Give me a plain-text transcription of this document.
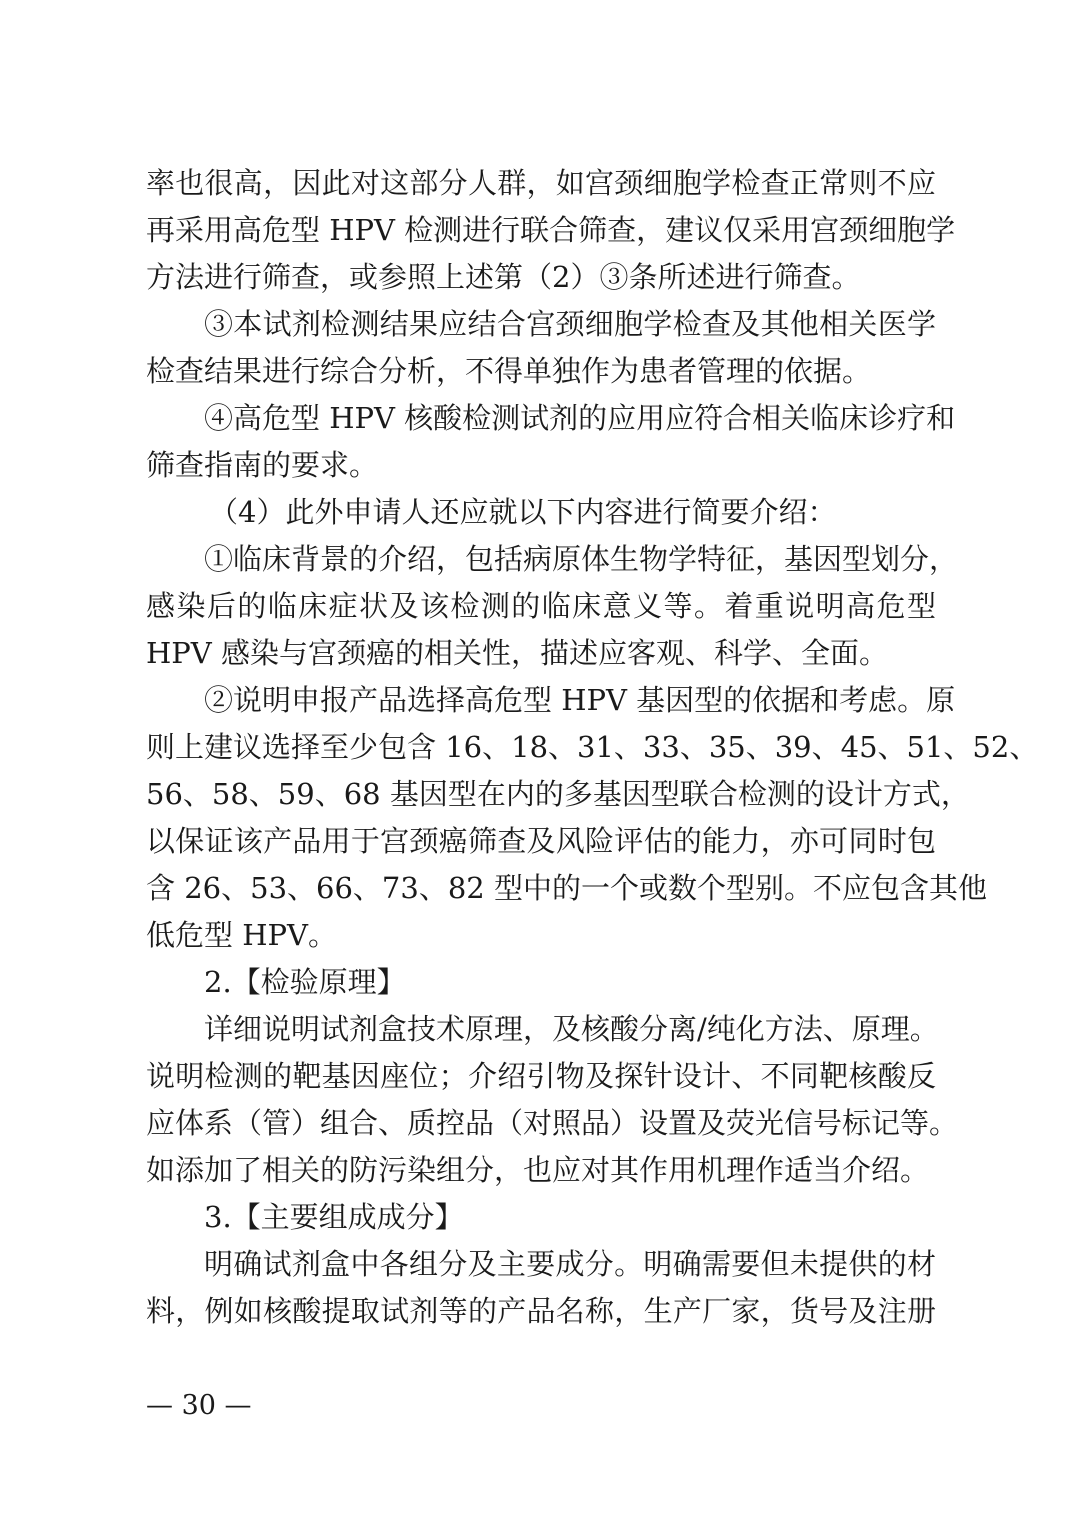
率也很高，因此对这部分人群，如宫颈细胞学检查正常则不应
再采用高危型 HPV 检测进行联合筛查，建议仅采用宫颈细胞学
方法进行筛查，或参照上述第（2）③条所述进行筛查。
③本试剂检测结果应结合宫颈细胞学检查及其他相关医学
检查结果进行综合分析，不得单独作为患者管理的依据。
④高危型 HPV 核酸检测试剂的应用应符合相关临床诊疗和
筛查指南的要求。
（4）此外申请人还应就以下内容进行简要介绍：
①临床背景的介绍，包括病原体生物学特征，基因型划分，
感染后的临床症状及该检测的临床意义等。着重说明高危型
HPV 感染与宫颈癌的相关性，描述应客观、科学、全面。
②说明申报产品选择高危型 HPV 基因型的依据和考虑。原
则上建议选择至少包含 16、18、31、33、35、39、45、51、52、
56、58、59、68 基因型在内的多基因型联合检测的设计方式，
以保证该产品用于宫颈癌筛查及风险评估的能力，亦可同时包
含 26、53、66、73、82 型中的一个或数个型别。不应包含其他
低危型 HPV。
2.【检验原理】
详细说明试剂盒技术原理，及核酸分离/纯化方法、原理。
说明检测的靶基因座位；介绍引物及探针设计、不同靶核酸反
应体系（管）组合、质控品（对照品）设置及荧光信号标记等。
如添加了相关的防污染组分，也应对其作用机理作适当介绍。
3.【主要组成成分】
明确试剂盒中各组分及主要成分。明确需要但未提供的材
料，例如核酸提取试剂等的产品名称，生产厂家，货号及注册
— 30 —
